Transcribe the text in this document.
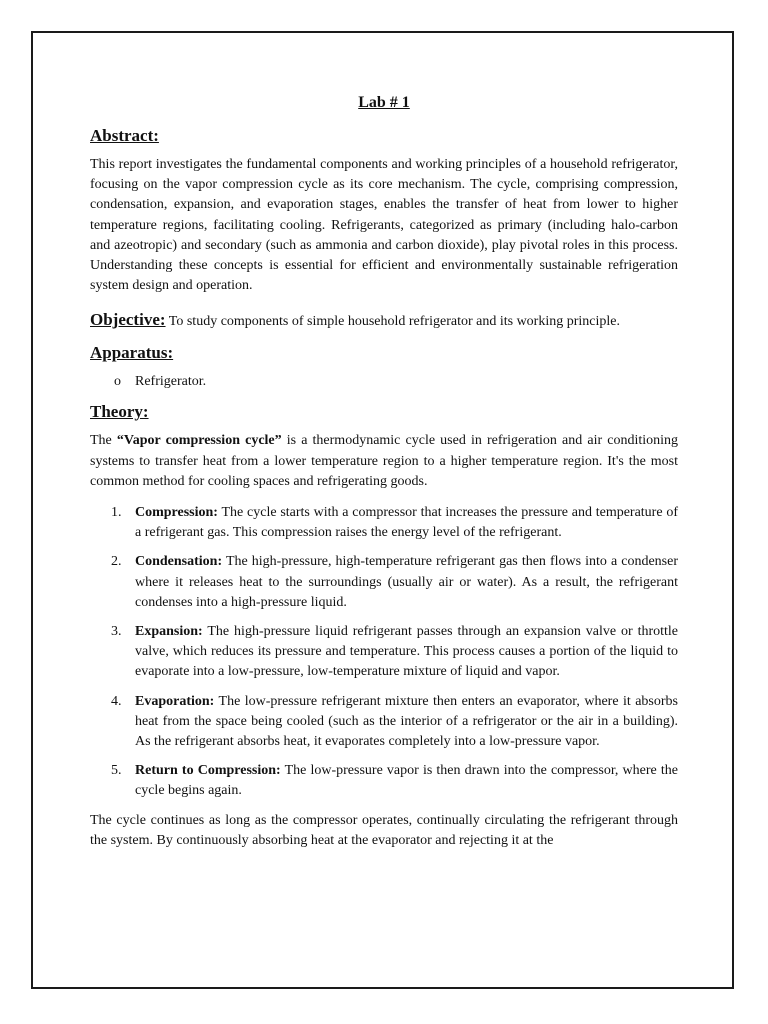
Lab # 1
Abstract:

This report investigates the fundamental components and working principles of a household refrigerator, focusing on the vapor compression cycle as its core mechanism. The cycle, comprising compression, condensation, expansion, and evaporation stages, enables the transfer of heat from lower to higher temperature regions, facilitating cooling. Refrigerants, categorized as primary (including halo-carbon and azeotropic) and secondary (such as ammonia and carbon dioxide), play pivotal roles in this process. Understanding these concepts is essential for efficient and environmentally sustainable refrigeration system design and operation.

Objective: To study components of simple household refrigerator and its working principle.
Apparatus:
o Refrigerator.
Theory:

The “Vapor compression cycle” is a thermodynamic cycle used in refrigeration and air conditioning systems to transfer heat from a lower temperature region to a higher temperature region. It's the most common method for cooling spaces and refrigerating goods.

1. Compression: The cycle starts with a compressor that increases the pressure and temperature of a refrigerant gas. This compression raises the energy level of the refrigerant.
2. Condensation: The high-pressure, high-temperature refrigerant gas then flows into a condenser where it releases heat to the surroundings (usually air or water). As a result, the refrigerant condenses into a high-pressure liquid.
3. Expansion: The high-pressure liquid refrigerant passes through an expansion valve or throttle valve, which reduces its pressure and temperature. This process causes a portion of the liquid to evaporate into a low-pressure, low-temperature mixture of liquid and vapor.
4. Evaporation: The low-pressure refrigerant mixture then enters an evaporator, where it absorbs heat from the space being cooled (such as the interior of a refrigerator or the air in a building). As the refrigerant absorbs heat, it evaporates completely into a low-pressure vapor.
5. Return to Compression: The low-pressure vapor is then drawn into the compressor, where the cycle begins again.

The cycle continues as long as the compressor operates, continually circulating the refrigerant through the system. By continuously absorbing heat at the evaporator and rejecting it at the
